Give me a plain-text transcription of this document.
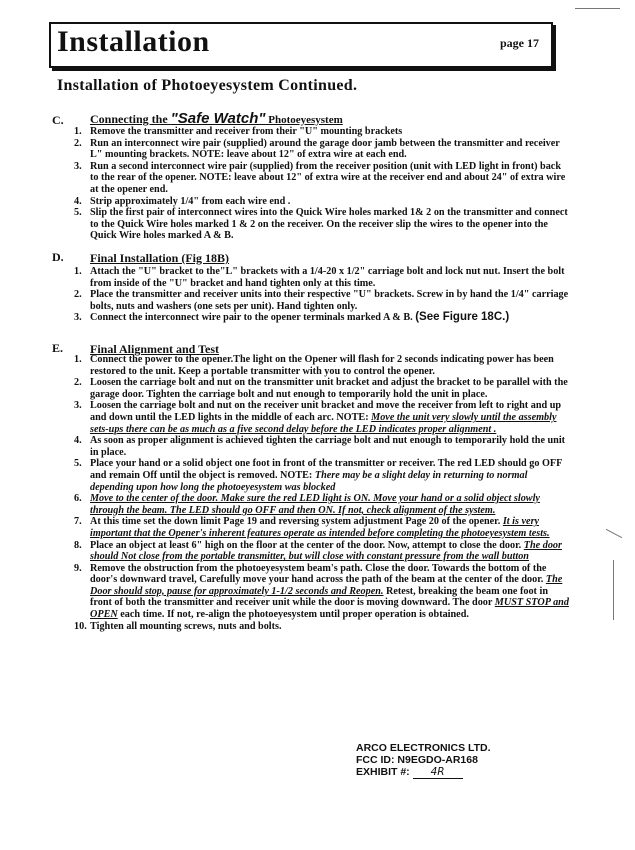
Installation	page 17
Installation of Photoeyesystem Continued.
C. Connecting the "Safe Watch" Photoeyesystem
1. Remove the transmitter and receiver from their "U" mounting brackets
2. Run an interconnect wire pair (supplied) around the garage door jamb between the transmitter and receiver L" mounting brackets. NOTE: leave about 12" of extra wire at each end.
3. Run a second interconnect wire pair (supplied) from the receiver position (unit with LED light in front) back to the rear of the opener. NOTE: leave about 12" of extra wire at the receiver end and about 24" of extra wire at the opener end.
4. Strip approximately 1/4" from each wire end .
5. Slip the first pair of interconnect wires into the Quick Wire holes marked 1& 2 on the transmitter and connect to the Quick Wire holes marked 1 & 2 on the receiver. On the receiver slip the wires to the opener into the Quick Wire holes marked A & B.
D. Final Installation (Fig 18B)
1. Attach the "U" bracket to the"L" brackets with a 1/4-20 x 1/2" carriage bolt and lock nut nut. Insert the bolt from inside of the "U" bracket and hand tighten only at this time.
2. Place the transmitter and receiver units into their respective "U" brackets. Screw in by hand the 1/4" carriage bolts, nuts and washers (one sets per unit). Hand tighten only.
3. Connect the interconnect wire pair to the opener terminals marked A & B. (See Figure 18C.)
E. Final Alignment and Test
1. Connect the power to the opener.The light on the Opener will flash for 2 seconds indicating power has been restored to the unit. Keep a portable transmitter with you to control the opener.
2. Loosen the carriage bolt and nut on the transmitter unit bracket and adjust the bracket to be parallel with the garage door. Tighten the carriage bolt and nut enough to temporarily hold the unit in place.
3. Loosen the carriage bolt and nut on the receiver unit bracket and move the receiver from left to right and up and down until the LED lights in the middle of each arc. NOTE: Move the unit very slowly until the assembly sets-ups there can be as much as a five second delay before the LED indicates proper alignment .
4. As soon as proper alignment is achieved tighten the carriage bolt and nut enough to temporarily hold the unit in place.
5. Place your hand or a solid object one foot in front of the transmitter or receiver. The red LED should go OFF and remain Off until the object is removed. NOTE: There may be a slight delay in returning to normal depending upon how long the photoeyesystem was blocked
6. Move to the center of the door. Make sure the red LED light is ON. Move your hand or a solid object slowly through the beam. The LED should go OFF and then ON. If not, check alignment of the system.
7. At this time set the down limit Page 19 and reversing system adjustment Page 20 of the opener. It is very important that the Opener's inherent features operate as intended before completing the photoeyesystem tests.
8. Place an object at least 6" high on the floor at the center of the door. Now, attempt to close the door. The door should Not close from the portable transmitter, but will close with constant pressure from the wall button
9. Remove the obstruction from the photoeyesystem beam's path. Close the door. Towards the bottom of the door's downward travel, Carefully move your hand across the path of the beam at the center of the door. The Door should stop, pause for approximately 1-1/2 seconds and Reopen. Retest, breaking the beam one foot in front of both the transmitter and receiver unit while the door is moving downward. The door MUST STOP and OPEN each time. If not, re-align the photoeyesystem until proper operation is obtained.
10. Tighten all mounting screws, nuts and bolts.
ARCO ELECTRONICS LTD.
FCC ID: N9EGDO-AR168
EXHIBIT #: 4R
